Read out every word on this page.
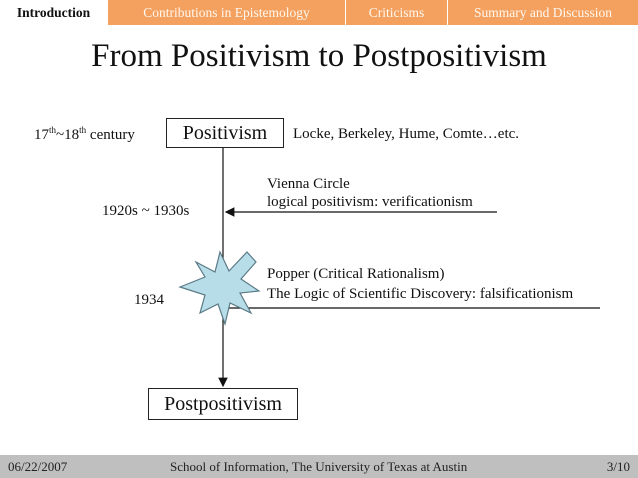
Introduction	Contributions in Epistemology	Criticisms	Summary and Discussion
From Positivism to Postpositivism
17th~18th century	Positivism	Locke, Berkeley, Hume, Comte…etc.
Vienna Circle
logical positivism: verificationism
1920s ~ 1930s
Popper (Critical Rationalism)
The Logic of Scientific Discovery: falsificationism
1934
Postpositivism
06/22/2007	School of Information, The University of Texas at Austin	3/10
